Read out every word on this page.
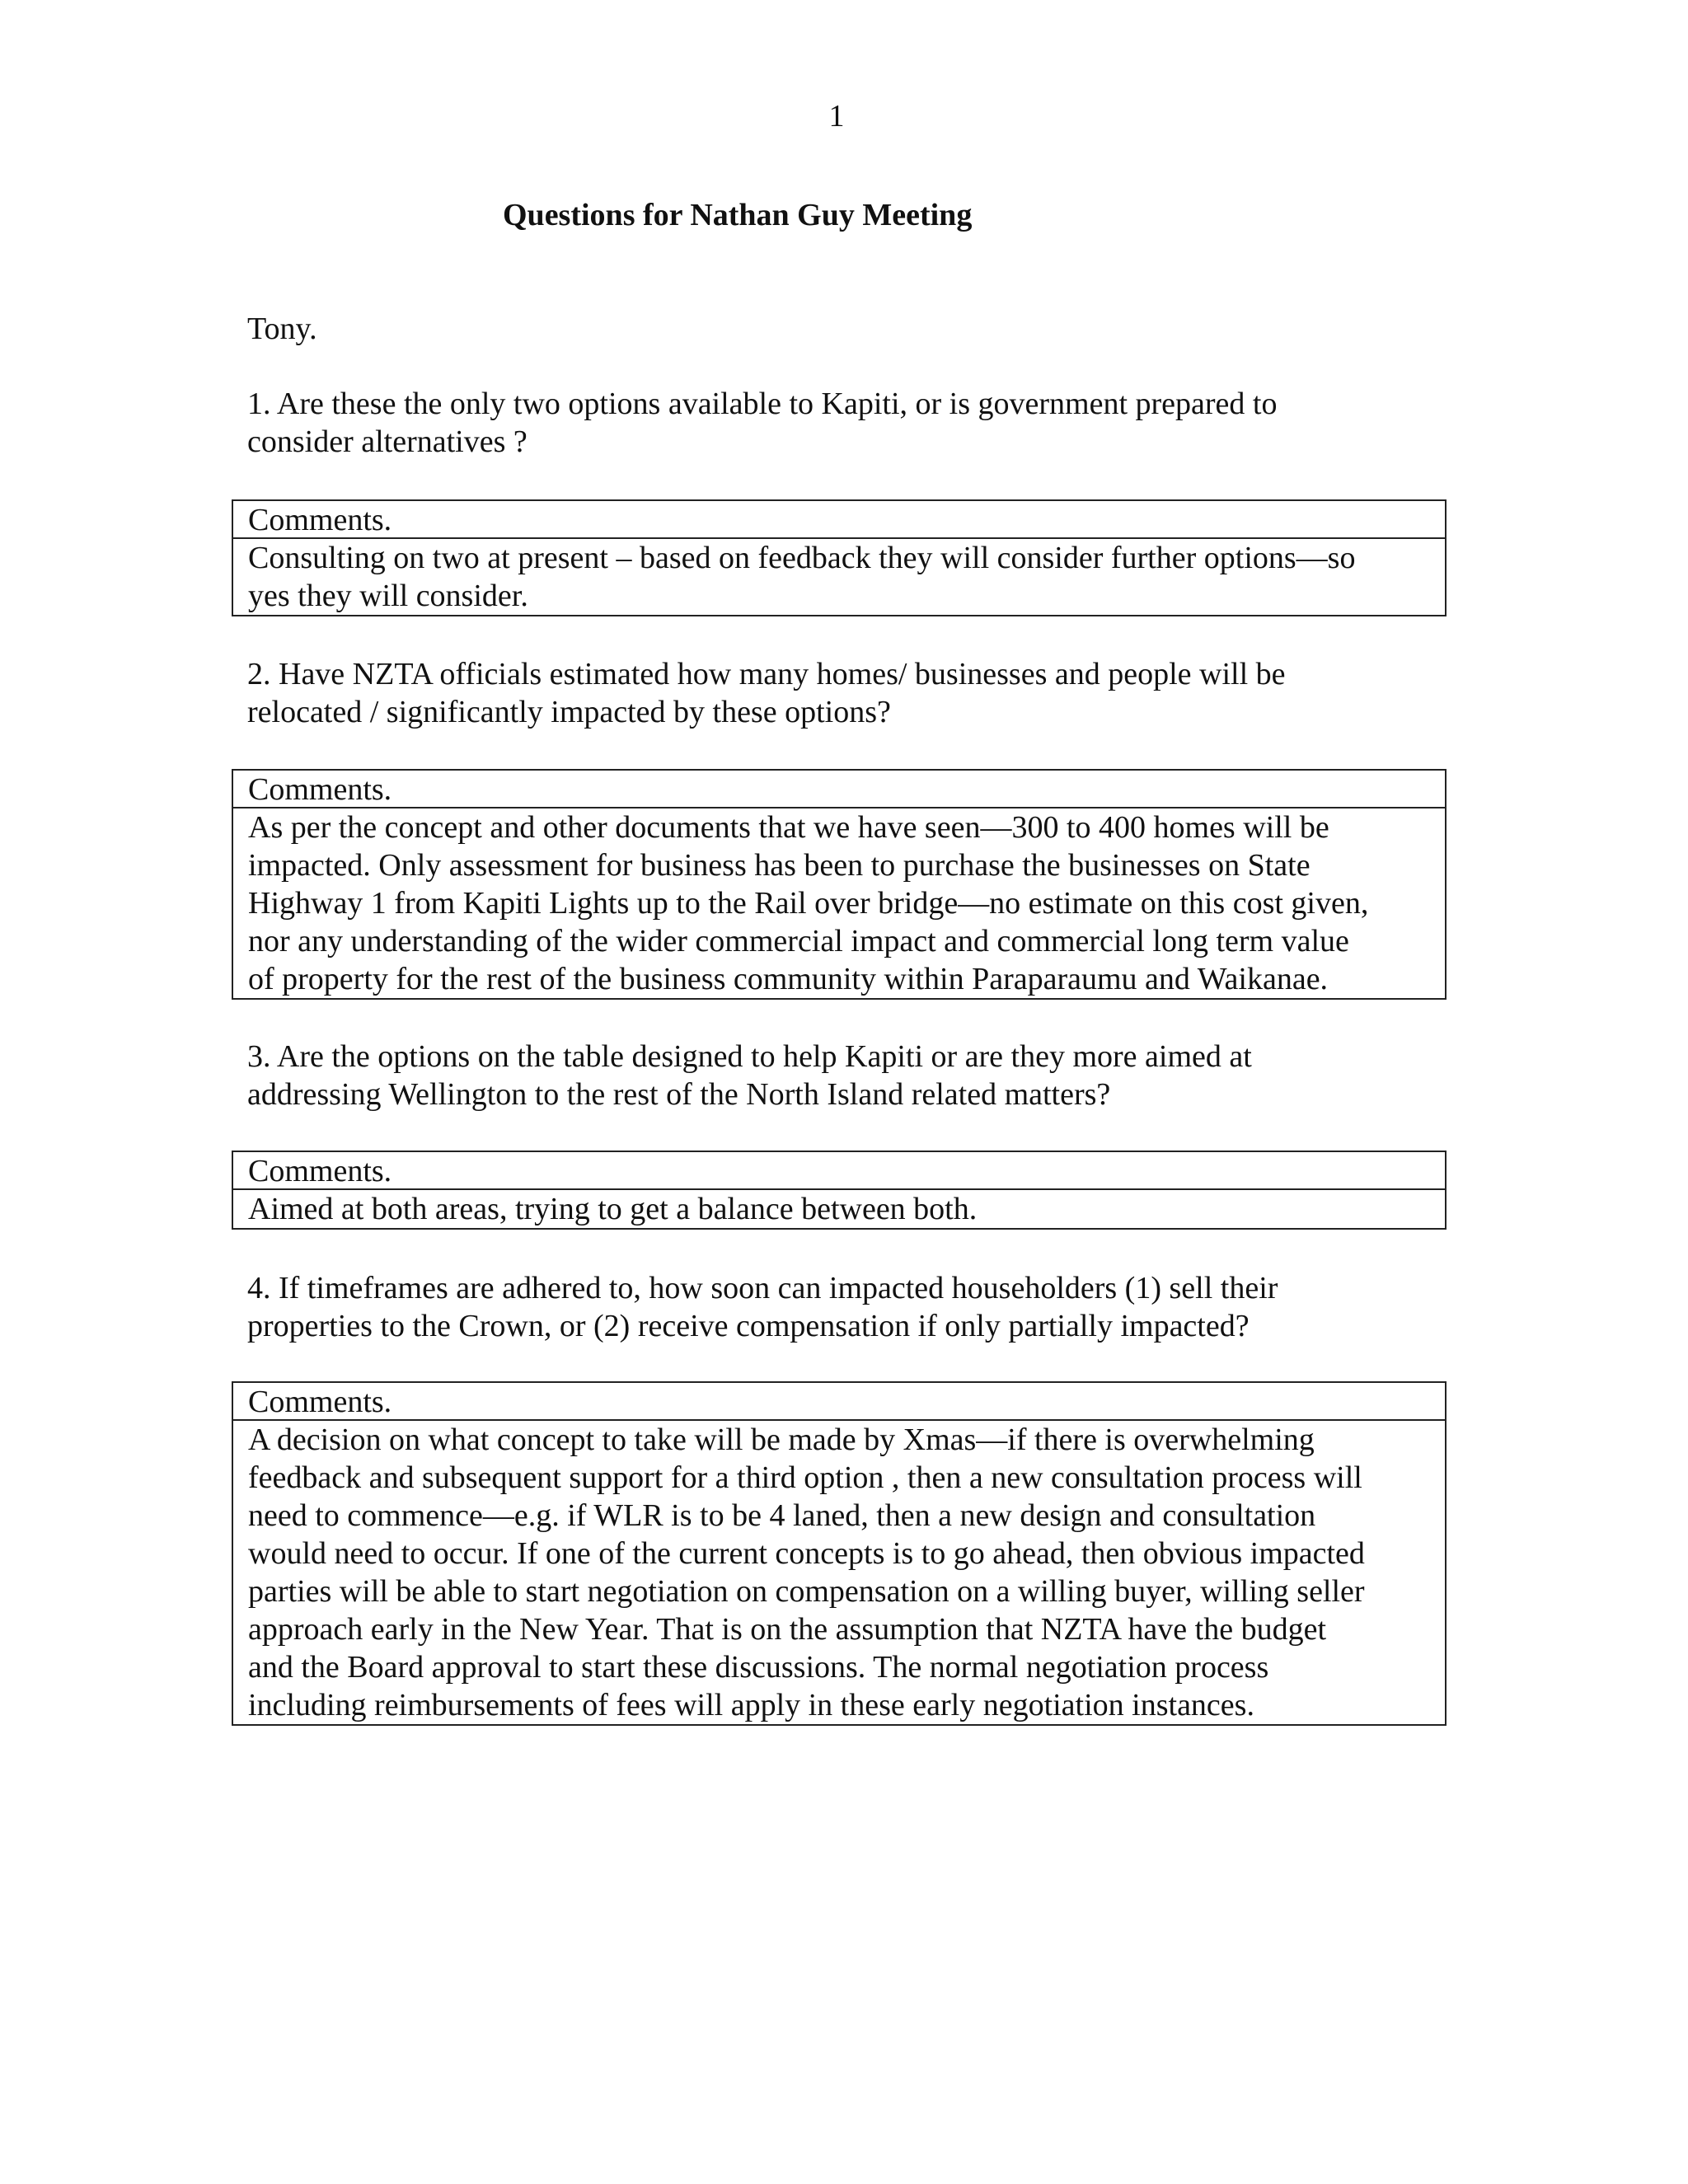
1
Questions for Nathan Guy Meeting

Tony.

1. Are these the only two options available to Kapiti, or is government prepared to
consider alternatives ?

Comments.
Consulting on two at present – based on feedback they will consider further options—so
yes they will consider.

2. Have NZTA officials estimated how many homes/ businesses and people will be
relocated / significantly impacted by these options?

Comments.
As per the concept and other documents that we have seen—300 to 400 homes will be
impacted. Only assessment for business has been to purchase the businesses on State
Highway 1 from Kapiti Lights up to the Rail over bridge—no estimate on this cost given,
nor any understanding of the wider commercial impact and commercial long term value
of property for the rest of the business community within Paraparaumu and Waikanae.

3. Are the options on the table designed to help Kapiti or are they more aimed at
addressing Wellington to the rest of the North Island related matters?

Comments.
Aimed at both areas, trying to get a balance between both.

4. If timeframes are adhered to, how soon can impacted householders (1) sell their
properties to the Crown, or (2) receive compensation if only partially impacted?

Comments.
A decision on what concept to take will be made by Xmas—if there is overwhelming
feedback and subsequent support for a third option , then a new consultation process will
need to commence—e.g. if WLR is to be 4 laned, then a new design and consultation
would need to occur. If one of the current concepts is to go ahead, then obvious impacted
parties will be able to start negotiation on compensation on a willing buyer, willing seller
approach early in the New Year. That is on the assumption that NZTA have the budget
and the Board approval to start these discussions. The normal negotiation process
including reimbursements of fees will apply in these early negotiation instances.
